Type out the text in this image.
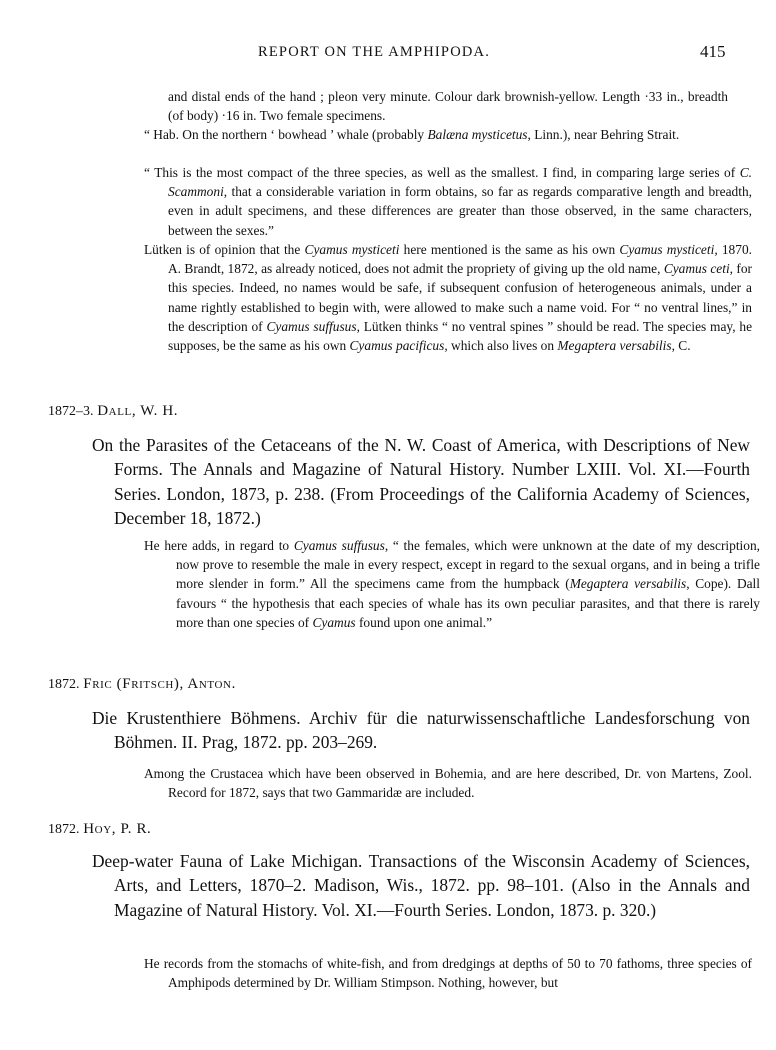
REPORT ON THE AMPHIPODA.	415
and distal ends of the hand ; pleon very minute. Colour dark brownish-yellow. Length ·33 in., breadth (of body) ·16 in. Two female specimens.
“ Hab. On the northern ‘ bowhead ’ whale (probably Balæna mysticetus, Linn.), near Behring Strait.
“ This is the most compact of the three species, as well as the smallest. I find, in comparing large series of C. Scammoni, that a considerable variation in form obtains, so far as regards comparative length and breadth, even in adult specimens, and these differences are greater than those observed, in the same characters, between the sexes.”
Lütken is of opinion that the Cyamus mysticeti here mentioned is the same as his own Cyamus mysticeti, 1870. A. Brandt, 1872, as already noticed, does not admit the propriety of giving up the old name, Cyamus ceti, for this species. Indeed, no names would be safe, if subsequent confusion of heterogeneous animals, under a name rightly established to begin with, were allowed to make such a name void. For “ no ventral lines,” in the description of Cyamus suffusus, Lütken thinks “ no ventral spines ” should be read. The species may, he supposes, be the same as his own Cyamus pacificus, which also lives on Megaptera versabilis, C.
1872–3. Dall, W. H.
On the Parasites of the Cetaceans of the N. W. Coast of America, with Descriptions of New Forms. The Annals and Magazine of Natural History. Number LXIII. Vol. XI.—Fourth Series. London, 1873, p. 238. (From Proceedings of the California Academy of Sciences, December 18, 1872.)
He here adds, in regard to Cyamus suffusus, “ the females, which were unknown at the date of my description, now prove to resemble the male in every respect, except in regard to the sexual organs, and in being a trifle more slender in form.” All the specimens came from the humpback (Megaptera versabilis, Cope). Dall favours “ the hypothesis that each species of whale has its own peculiar parasites, and that there is rarely more than one species of Cyamus found upon one animal.”
1872. Fric (Fritsch), Anton.
Die Krustenthiere Böhmens. Archiv für die naturwissenschaftliche Landesforschung von Böhmen. II. Prag, 1872. pp. 203–269.
Among the Crustacea which have been observed in Bohemia, and are here described, Dr. von Martens, Zool. Record for 1872, says that two Gammaridæ are included.
1872. Hoy, P. R.
Deep-water Fauna of Lake Michigan. Transactions of the Wisconsin Academy of Sciences, Arts, and Letters, 1870–2. Madison, Wis., 1872. pp. 98–101. (Also in the Annals and Magazine of Natural History. Vol. XI.—Fourth Series. London, 1873. p. 320.)
He records from the stomachs of white-fish, and from dredgings at depths of 50 to 70 fathoms, three species of Amphipods determined by Dr. William Stimpson. Nothing, however, but
